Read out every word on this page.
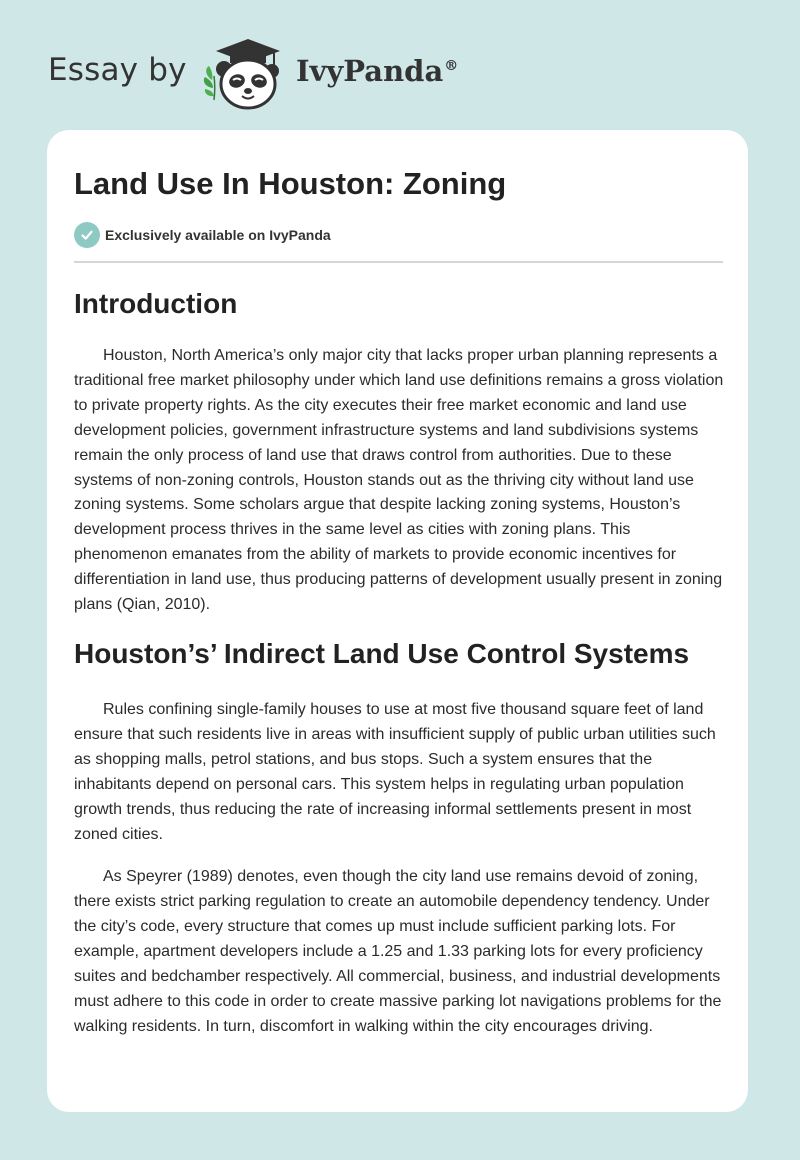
Essay by	IvyPanda®
Land Use In Houston: Zoning
Exclusively available on IvyPanda
Introduction

Houston, North America’s only major city that lacks proper urban planning represents a traditional free market philosophy under which land use definitions remains a gross violation to private property rights. As the city executes their free market economic and land use development policies, government infrastructure systems and land subdivisions systems remain the only process of land use that draws control from authorities. Due to these systems of non-zoning controls, Houston stands out as the thriving city without land use zoning systems. Some scholars argue that despite lacking zoning systems, Houston’s development process thrives in the same level as cities with zoning plans. This phenomenon emanates from the ability of markets to provide economic incentives for differentiation in land use, thus producing patterns of development usually present in zoning plans (Qian, 2010).

Houston’s’ Indirect Land Use Control Systems

Rules confining single-family houses to use at most five thousand square feet of land ensure that such residents live in areas with insufficient supply of public urban utilities such as shopping malls, petrol stations, and bus stops. Such a system ensures that the inhabitants depend on personal cars. This system helps in regulating urban population growth trends, thus reducing the rate of increasing informal settlements present in most zoned cities.

As Speyrer (1989) denotes, even though the city land use remains devoid of zoning, there exists strict parking regulation to create an automobile dependency tendency. Under the city’s code, every structure that comes up must include sufficient parking lots. For example, apartment developers include a 1.25 and 1.33 parking lots for every proficiency suites and bedchamber respectively. All commercial, business, and industrial developments must adhere to this code in order to create massive parking lot navigations problems for the walking residents. In turn, discomfort in walking within the city encourages driving.
